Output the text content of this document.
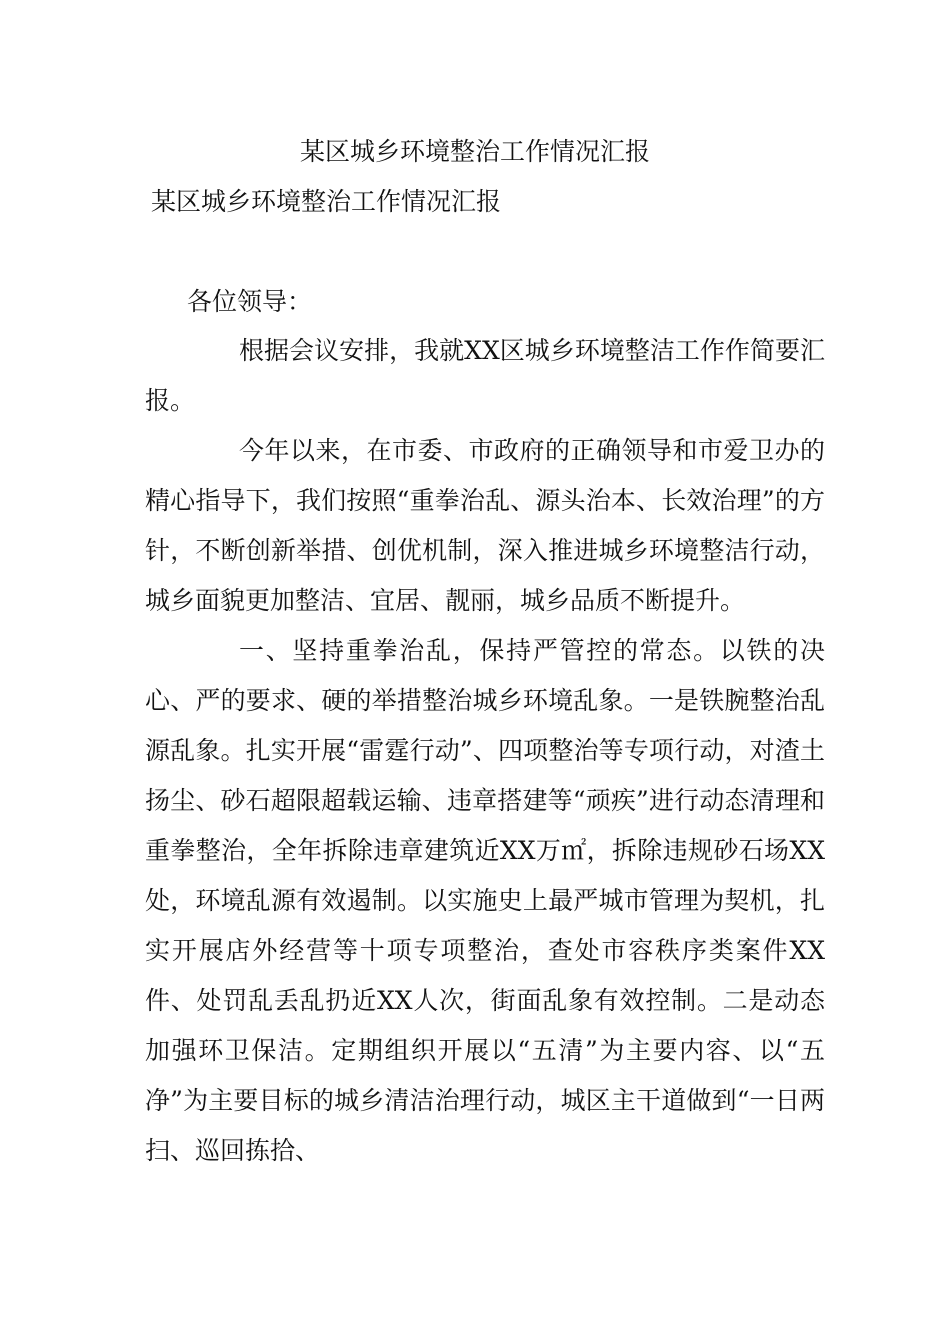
某区城乡环境整治工作情况汇报
某区城乡环境整治工作情况汇报
各位领导：

根据会议安排，我就XX区城乡环境整洁工作作简要汇报。

今年以来，在市委、市政府的正确领导和市爱卫办的精心指导下，我们按照“重拳治乱、源头治本、长效治理”的方针，不断创新举措、创优机制，深入推进城乡环境整洁行动，城乡面貌更加整洁、宜居、靓丽，城乡品质不断提升。

一、坚持重拳治乱，保持严管控的常态。以铁的决心、严的要求、硬的举措整治城乡环境乱象。一是铁腕整治乱源乱象。扎实开展“雷霆行动”、四项整治等专项行动，对渣土扬尘、砂石超限超载运输、违章搭建等“顽疾”进行动态清理和重拳整治，全年拆除违章建筑近XX万㎡，拆除违规砂石场XX处，环境乱源有效遏制。以实施史上最严城市管理为契机，扎实开展店外经营等十项专项整治，查处市容秩序类案件XX件、处罚乱丢乱扔近XX人次，街面乱象有效控制。二是动态加强环卫保洁。定期组织开展以“五清”为主要内容、以“五净”为主要目标的城乡清洁治理行动，城区主干道做到“一日两扫、巡回拣拾、
